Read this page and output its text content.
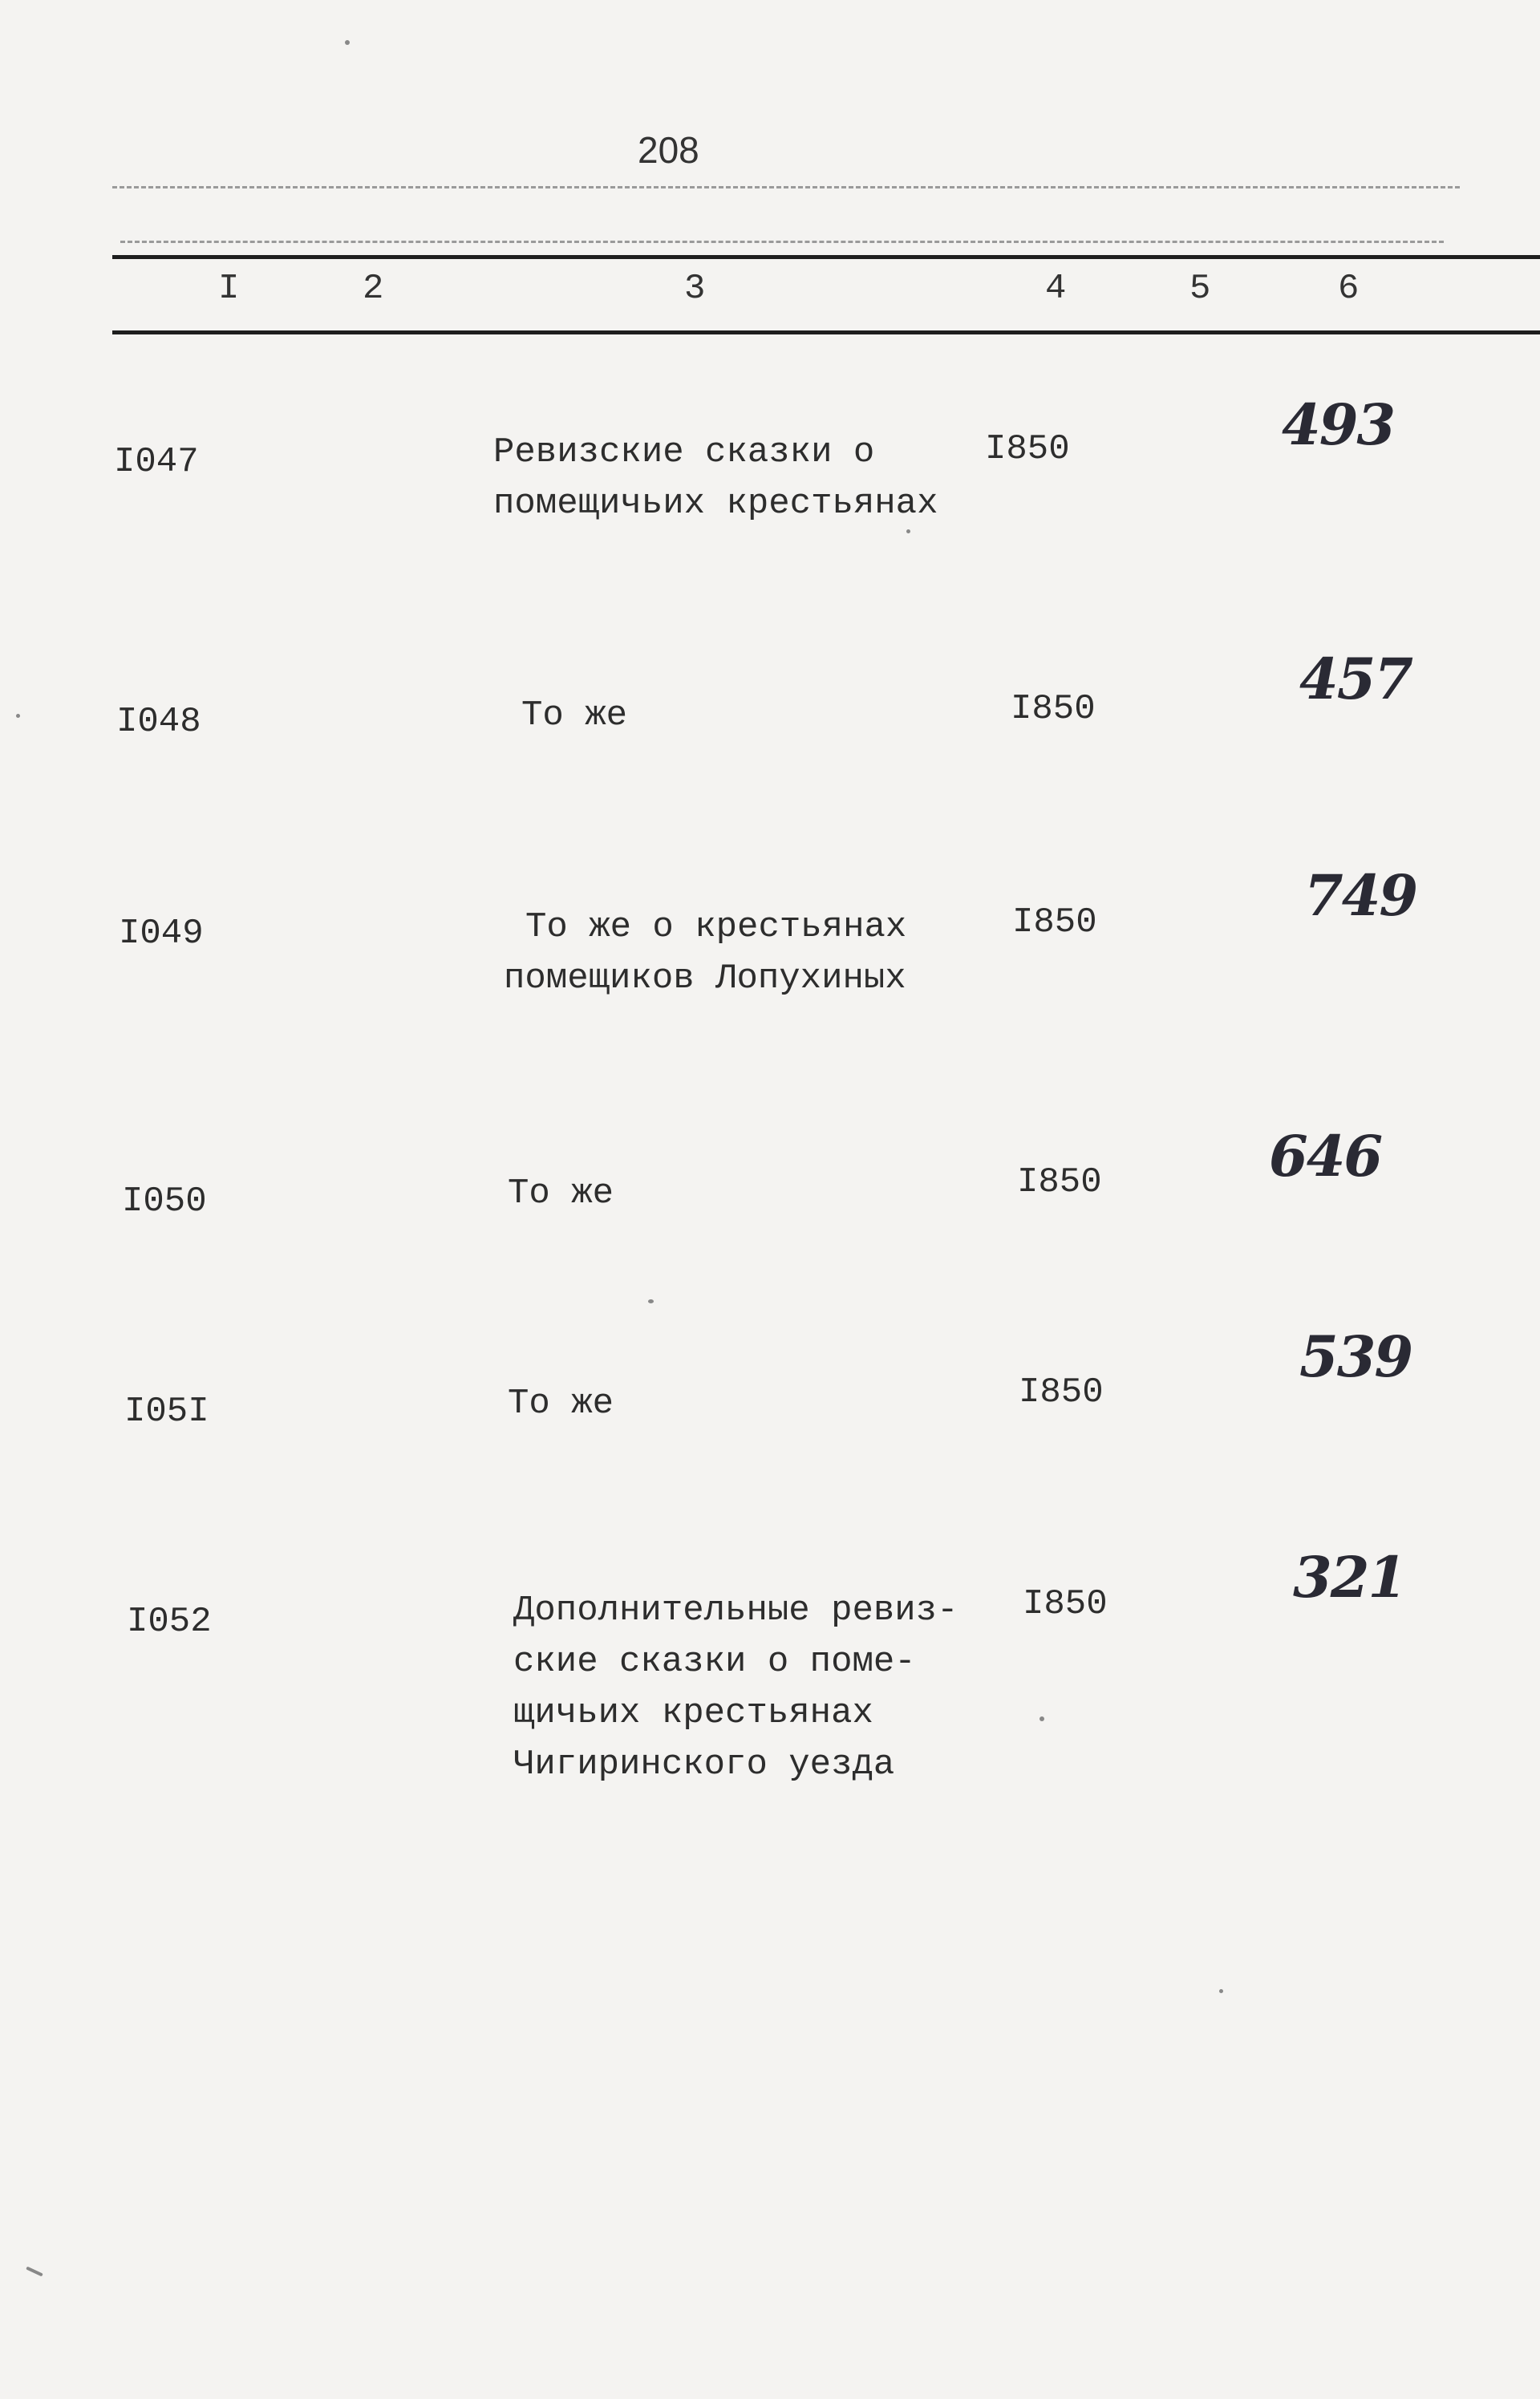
208
I	2	3	4	5	6
I047	Ревизские сказки о
помещичьих крестьянах
I850	493
I048	То же	I850	457
I049	То же о крестьянах
помещиков Лопухиных
I850	749
I050	То же	I850	646
I05I	То же	I850
539
I052	Дополнительные ревиз-
ские сказки о поме-
щичьих крестьянах
Чигиринского уезда
I850	321
